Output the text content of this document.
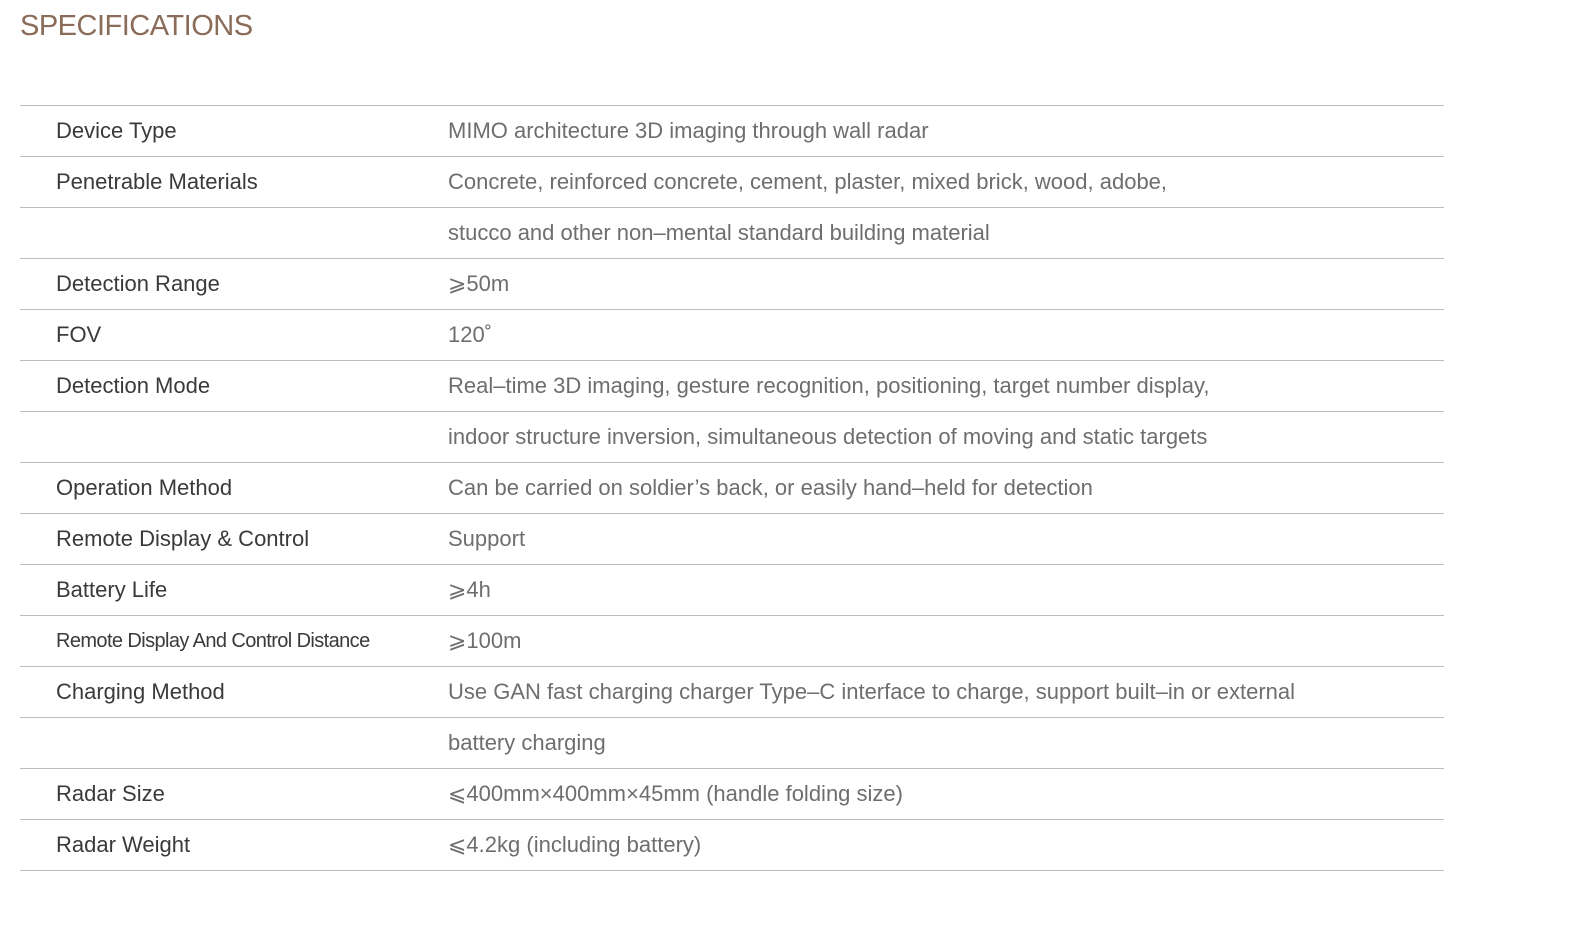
SPECIFICATIONS
Device Type	MIMO architecture 3D imaging through wall radar
Penetrable Materials	Concrete, reinforced concrete, cement, plaster, mixed brick, wood, adobe,
stucco and other non–mental standard building material
Detection Range	⩾50m
FOV	120˚
Detection Mode	Real–time 3D imaging, gesture recognition, positioning, target number display,
indoor structure inversion, simultaneous detection of moving and static targets
Operation Method	Can be carried on soldier’s back, or easily hand–held for detection
Remote Display & Control	Support
Battery Life	⩾4h
Remote Display And Control Distance	⩾100m
Charging Method	Use GAN fast charging charger Type–C interface to charge, support built–in or external
battery charging
Radar Size	⩽400mm×400mm×45mm (handle folding size)
Radar Weight	⩽4.2kg (including battery)
